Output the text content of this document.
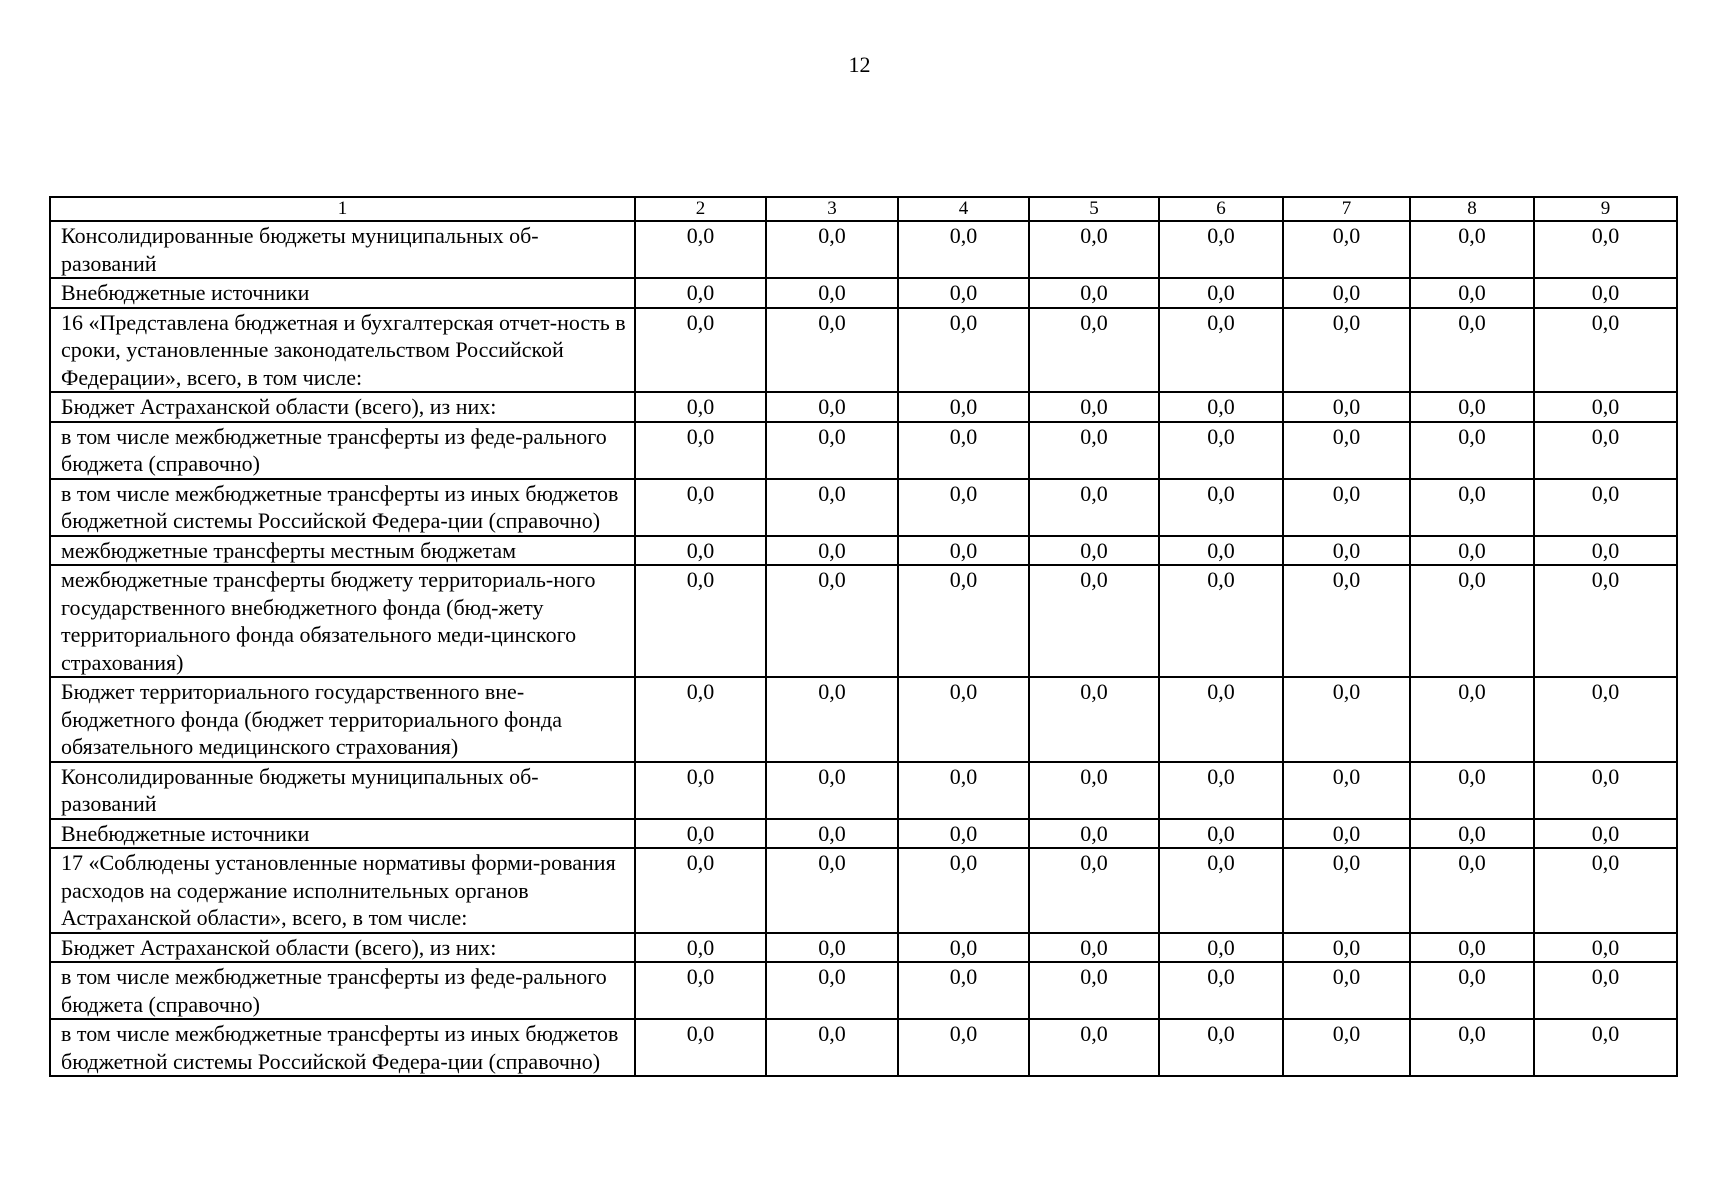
12
1	2	3	4	5	6	7	8	9
Консолидированные бюджеты муниципальных об-разований	0,0	0,0	0,0	0,0	0,0	0,0	0,0	0,0
Внебюджетные источники	0,0	0,0	0,0	0,0	0,0	0,0	0,0	0,0
16 «Представлена бюджетная и бухгалтерская отчет-ность в сроки, установленные законодательством Российской Федерации», всего, в том числе:	0,0	0,0	0,0	0,0	0,0	0,0	0,0	0,0
Бюджет Астраханской области (всего), из них:	0,0	0,0	0,0	0,0	0,0	0,0	0,0	0,0
в том числе межбюджетные трансферты из феде-рального бюджета (справочно)	0,0	0,0	0,0	0,0	0,0	0,0	0,0	0,0
в том числе межбюджетные трансферты из иных бюджетов бюджетной системы Российской Федера-ции (справочно)	0,0	0,0	0,0	0,0	0,0	0,0	0,0	0,0
межбюджетные трансферты местным бюджетам	0,0	0,0	0,0	0,0	0,0	0,0	0,0	0,0
межбюджетные трансферты бюджету территориаль-ного государственного внебюджетного фонда (бюд-жету территориального фонда обязательного меди-цинского страхования)	0,0	0,0	0,0	0,0	0,0	0,0	0,0	0,0
Бюджет территориального государственного вне-бюджетного фонда (бюджет территориального фонда обязательного медицинского страхования)	0,0	0,0	0,0	0,0	0,0	0,0	0,0	0,0
Консолидированные бюджеты муниципальных об-разований	0,0	0,0	0,0	0,0	0,0	0,0	0,0	0,0
Внебюджетные источники	0,0	0,0	0,0	0,0	0,0	0,0	0,0	0,0
17 «Соблюдены установленные нормативы форми-рования расходов на содержание исполнительных органов Астраханской области», всего, в том числе:	0,0	0,0	0,0	0,0	0,0	0,0	0,0	0,0
Бюджет Астраханской области (всего), из них:	0,0	0,0	0,0	0,0	0,0	0,0	0,0	0,0
в том числе межбюджетные трансферты из феде-рального бюджета (справочно)	0,0	0,0	0,0	0,0	0,0	0,0	0,0	0,0
в том числе межбюджетные трансферты из иных бюджетов бюджетной системы Российской Федера-ции (справочно)	0,0	0,0	0,0	0,0	0,0	0,0	0,0	0,0
